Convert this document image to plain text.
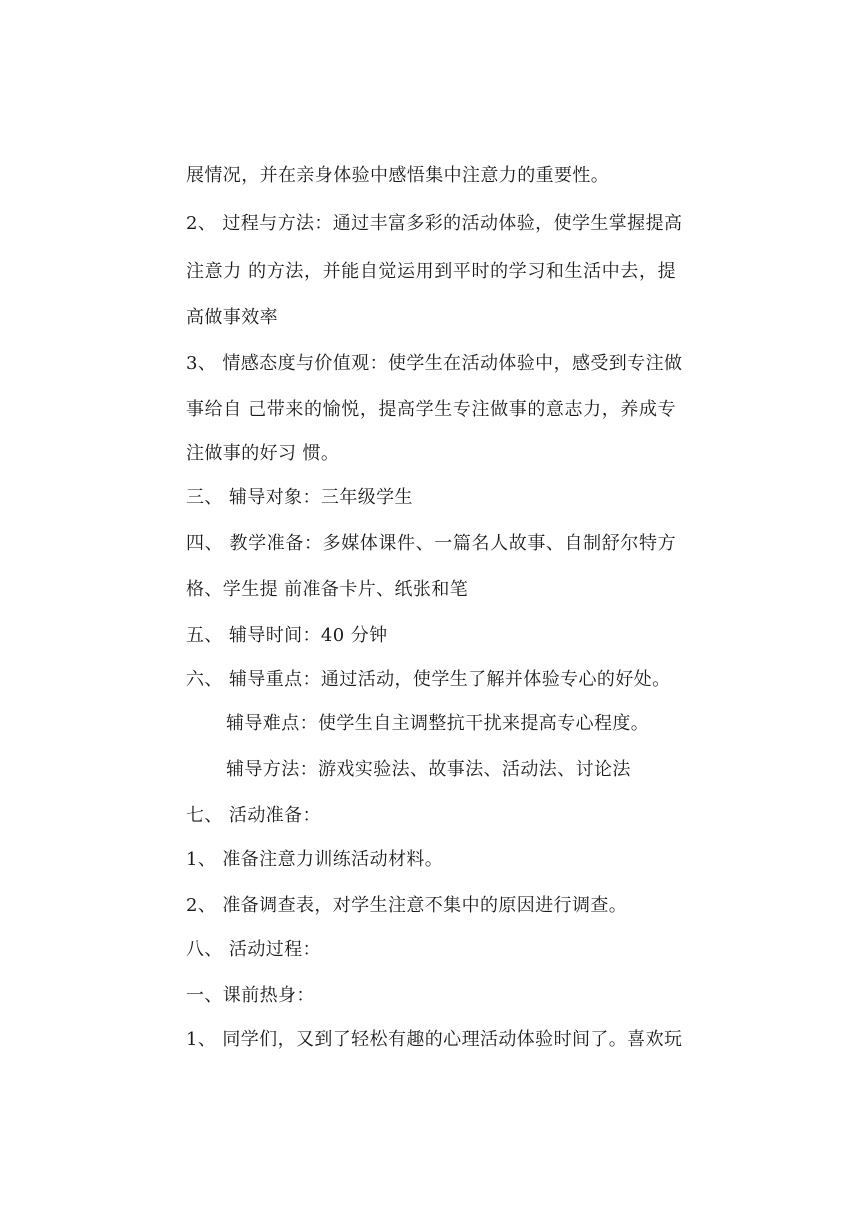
展情况，并在亲身体验中感悟集中注意力的重要性。
2、 过程与方法：通过丰富多彩的活动体验，使学生掌握提高
注意力 的方法，并能自觉运用到平时的学习和生活中去，提
高做事效率
3、 情感态度与价值观：使学生在活动体验中，感受到专注做
事给自 己带来的愉悦，提高学生专注做事的意志力，养成专
注做事的好习 惯。
三、 辅导对象：三年级学生
四、 教学准备：多媒体课件、一篇名人故事、自制舒尔特方
格、学生提 前准备卡片、纸张和笔
五、 辅导时间：40 分钟
六、 辅导重点：通过活动，使学生了解并体验专心的好处。
辅导难点：使学生自主调整抗干扰来提高专心程度。
辅导方法：游戏实验法、故事法、活动法、讨论法
七、 活动准备：
1、 准备注意力训练活动材料。
2、 准备调查表，对学生注意不集中的原因进行调查。
八、 活动过程：
一、课前热身：
1、 同学们，又到了轻松有趣的心理活动体验时间了。喜欢玩
